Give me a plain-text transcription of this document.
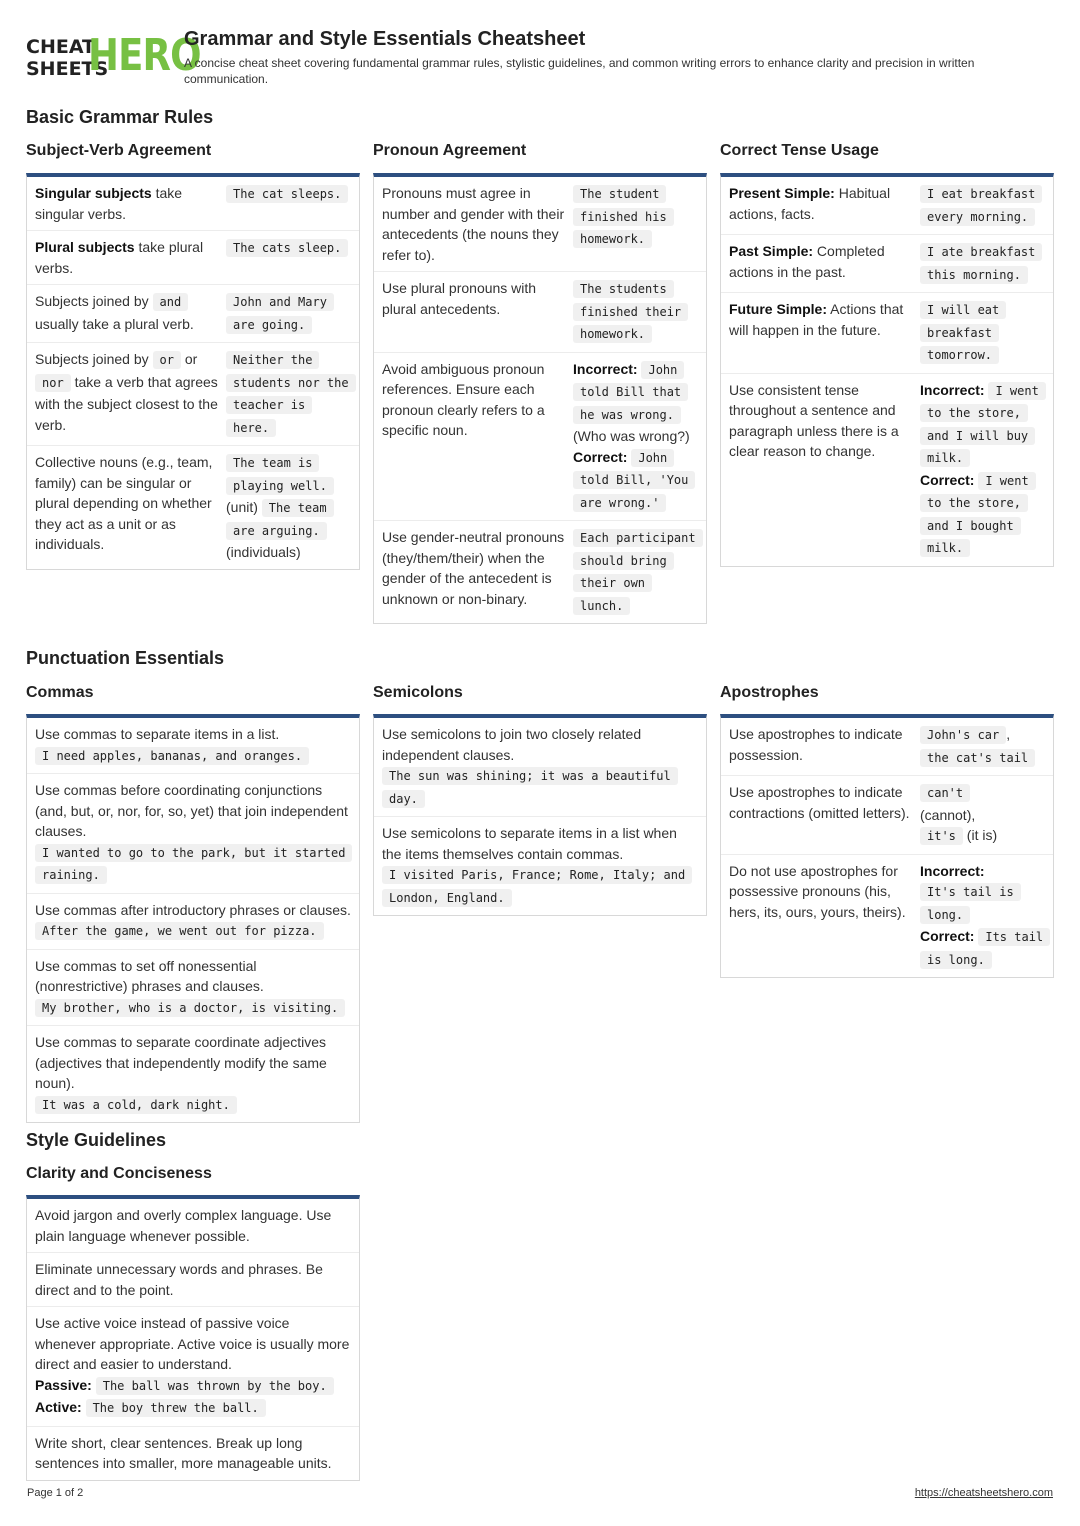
CHEAT
SHEETS
HERO
Grammar and Style Essentials Cheatsheet

A concise cheat sheet covering fundamental grammar rules, stylistic guidelines, and common writing errors to enhance clarity and precision in written communication.

Basic Grammar Rules
Subject-Verb Agreement
Singular subjects take singular verbs.
The cat sleeps.
Plural subjects take plural verbs.
The cats sleep.
Subjects joined by and usually take a plural verb.
John and Mary are going.
Subjects joined by or or nor take a verb that agrees with the subject closest to the verb.
Neither the students nor the teacher is here.
Collective nouns (e.g., team, family) can be singular or plural depending on whether they act as a unit or as individuals.
The team is playing well.
(unit) The team are arguing.
(individuals)
Pronoun Agreement
Pronouns must agree in number and gender with their antecedents (the nouns they refer to).
The student finished his homework.
Use plural pronouns with plural antecedents.
The students finished their homework.
Avoid ambiguous pronoun references. Ensure each pronoun clearly refers to a specific noun.
Incorrect: John told Bill that he was wrong.
(Who was wrong?)
Correct: John told Bill, 'You are wrong.'
Use gender-neutral pronouns (they/them/their) when the gender of the antecedent is unknown or non-binary.
Each participant should bring their own lunch.
Correct Tense Usage
Present Simple: Habitual actions, facts.
I eat breakfast every morning.
Past Simple: Completed actions in the past.
I ate breakfast this morning.
Future Simple: Actions that will happen in the future.
I will eat breakfast tomorrow.
Use consistent tense throughout a sentence and paragraph unless there is a clear reason to change.
Incorrect: I went to the store, and I will buy milk.
Correct: I went to the store, and I bought milk.
Punctuation Essentials
Commas
Use commas to separate items in a list.
I need apples, bananas, and oranges.
Use commas before coordinating conjunctions (and, but, or, nor, for, so, yet) that join independent clauses.
I wanted to go to the park, but it started raining.
Use commas after introductory phrases or clauses.
After the game, we went out for pizza.
Use commas to set off nonessential (nonrestrictive) phrases and clauses.
My brother, who is a doctor, is visiting.
Use commas to separate coordinate adjectives (adjectives that independently modify the same noun).
It was a cold, dark night.
Semicolons
Use semicolons to join two closely related independent clauses.
The sun was shining; it was a beautiful day.
Use semicolons to separate items in a list when the items themselves contain commas.
I visited Paris, France; Rome, Italy; and London, England.
Apostrophes
Use apostrophes to indicate possession.
John's car ,
the cat's tail
Use apostrophes to indicate contractions (omitted letters).
can't
(cannot),
it's (it is)
Do not use apostrophes for possessive pronouns (his, hers, its, ours, yours, theirs).
Incorrect:
It's tail is long.
Correct: Its tail is long.
Style Guidelines
Clarity and Conciseness
Avoid jargon and overly complex language. Use plain language whenever possible.
Eliminate unnecessary words and phrases. Be direct and to the point.
Use active voice instead of passive voice whenever appropriate. Active voice is usually more direct and easier to understand.
Passive: The ball was thrown by the boy.
Active: The boy threw the ball.
Write short, clear sentences. Break up long sentences into smaller, more manageable units.
Page 1 of 2	https://cheatsheetshero.com
